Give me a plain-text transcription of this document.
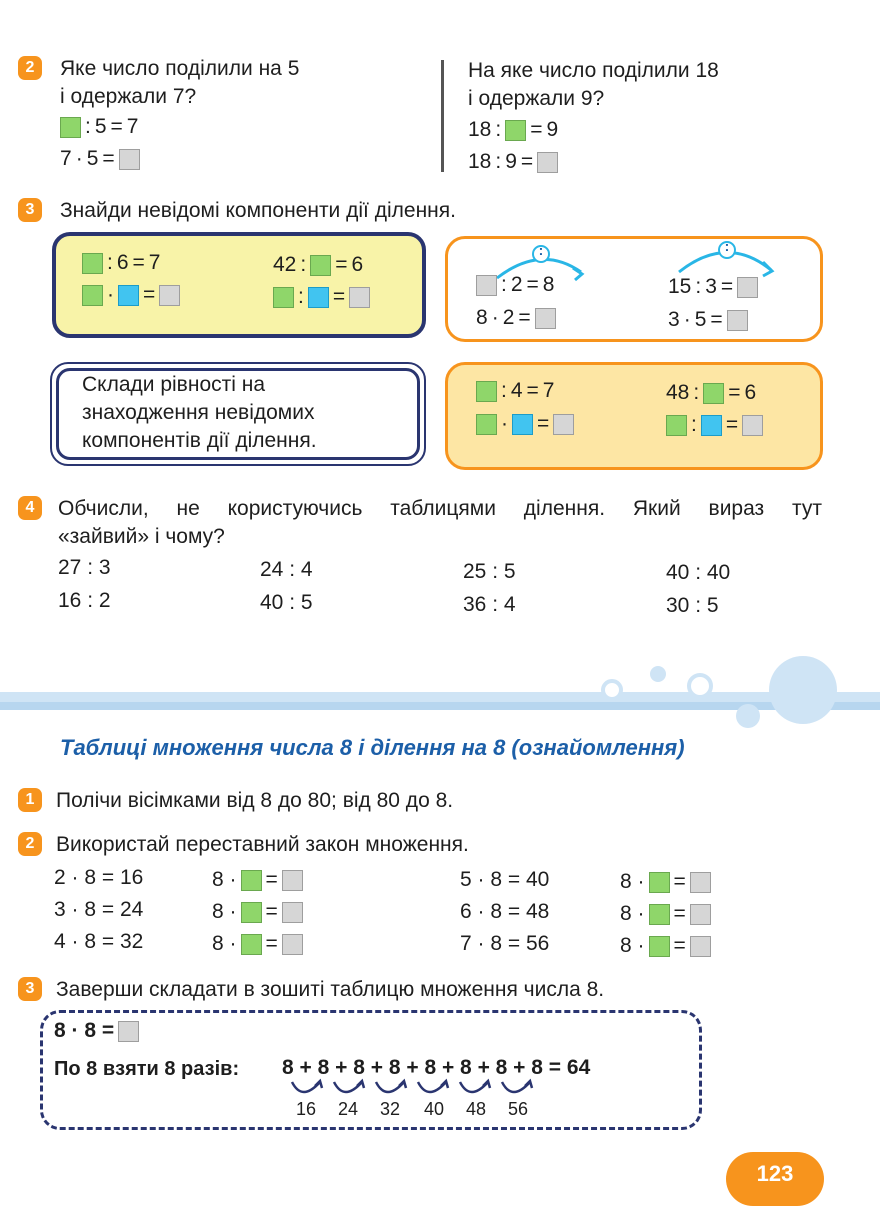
2	Яке число поділили на 5
і одержали 7?
: 5 = 7
7 · 5 =
На яке число поділили 18
і одержали 9?
18 : = 9
18 : 9 =
3	Знайди невідомі компоненти дії ділення.
: 6 = 7
· =
42 : = 6
: =
:	:
: 2 = 8
8 · 2 =
15 : 3 =
3 · 5 =
Склади рівності на
знаходження невідомих
компонентів дії ділення.
: 4 = 7
· =
48 : = 6
: =
4	Обчисли, не користуючись таблицями ділення. Який вираз тут
«зайвий» і чому?
27 : 3
16 : 2
24 : 4
40 : 5
25 : 5
36 : 4
40 : 40
30 : 5
Таблиці множення числа 8 і ділення на 8 (ознайомлення)
1	Полічи вісімками від 8 до 80; від 80 до 8.
2	Використай переставний закон множення.
2 · 8 = 16
3 · 8 = 24
4 · 8 = 32
8 · =
8 · =
8 · =
5 · 8 = 40
6 · 8 = 48
7 · 8 = 56
8 · =
8 · =
8 · =
3	Заверши складати в зошиті таблицю множення числа 8.
8 · 8 =
По 8 взяти 8 разів: 8 + 8 + 8 + 8 + 8 + 8 + 8 + 8 = 64
16 24 32 40 48 56
123
